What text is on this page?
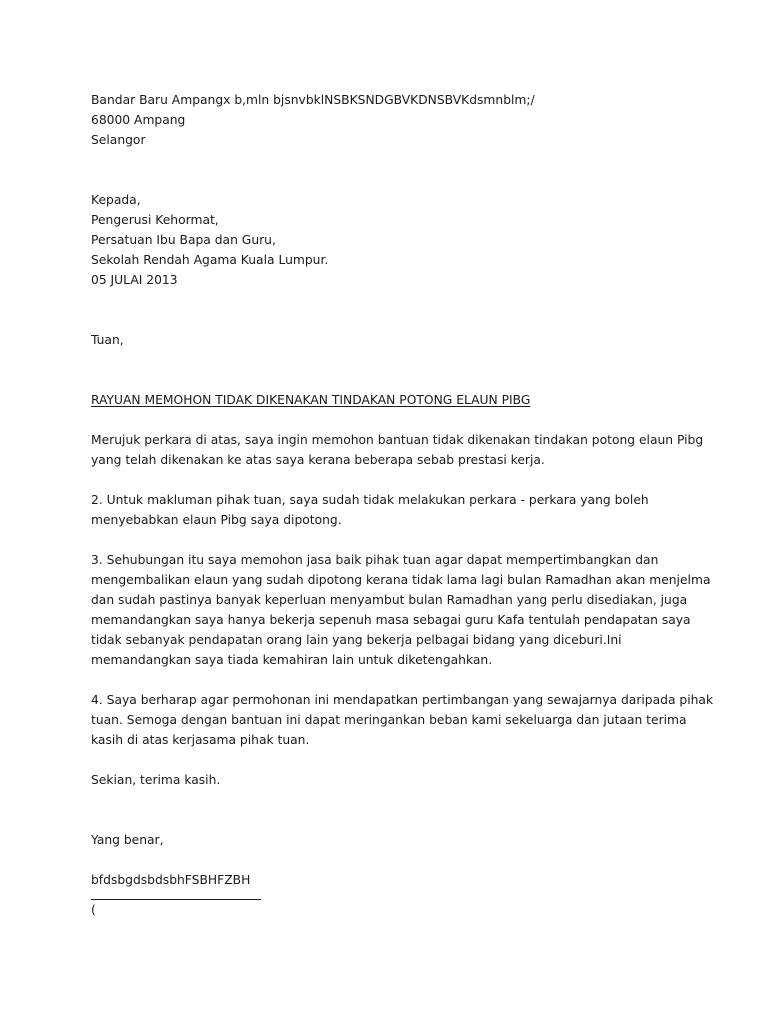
Bandar Baru Ampangx b,mln bjsnvbklNSBKSNDGBVKDNSBVKdsmnblm;/
68000 Ampang
Selangor
Kepada,
Pengerusi Kehormat,
Persatuan Ibu Bapa dan Guru,
Sekolah Rendah Agama Kuala Lumpur.
05 JULAI 2013
Tuan,
RAYUAN MEMOHON TIDAK DIKENAKAN TINDAKAN POTONG ELAUN PIBG
Merujuk perkara di atas, saya ingin memohon bantuan tidak dikenakan tindakan potong elaun Pibg yang telah dikenakan ke atas saya kerana beberapa sebab prestasi kerja.
2. Untuk makluman pihak tuan, saya sudah tidak melakukan perkara - perkara yang boleh menyebabkan elaun Pibg saya dipotong.
3. Sehubungan itu saya memohon jasa baik pihak tuan agar dapat mempertimbangkan dan mengembalikan elaun yang sudah dipotong kerana tidak lama lagi bulan Ramadhan akan menjelma dan sudah pastinya banyak keperluan menyambut bulan Ramadhan yang perlu disediakan, juga memandangkan saya hanya bekerja sepenuh masa sebagai guru Kafa tentulah pendapatan saya tidak sebanyak pendapatan orang lain yang bekerja pelbagai bidang yang diceburi.Ini memandangkan saya tiada kemahiran lain untuk diketengahkan.
4. Saya berharap agar permohonan ini mendapatkan pertimbangan yang sewajarnya daripada pihak tuan. Semoga dengan bantuan ini dapat meringankan beban kami sekeluarga dan jutaan terima kasih di atas kerjasama pihak tuan.
Sekian, terima kasih.
Yang benar,
bfdsbgdsbdsbhFSBHFZBH
(
